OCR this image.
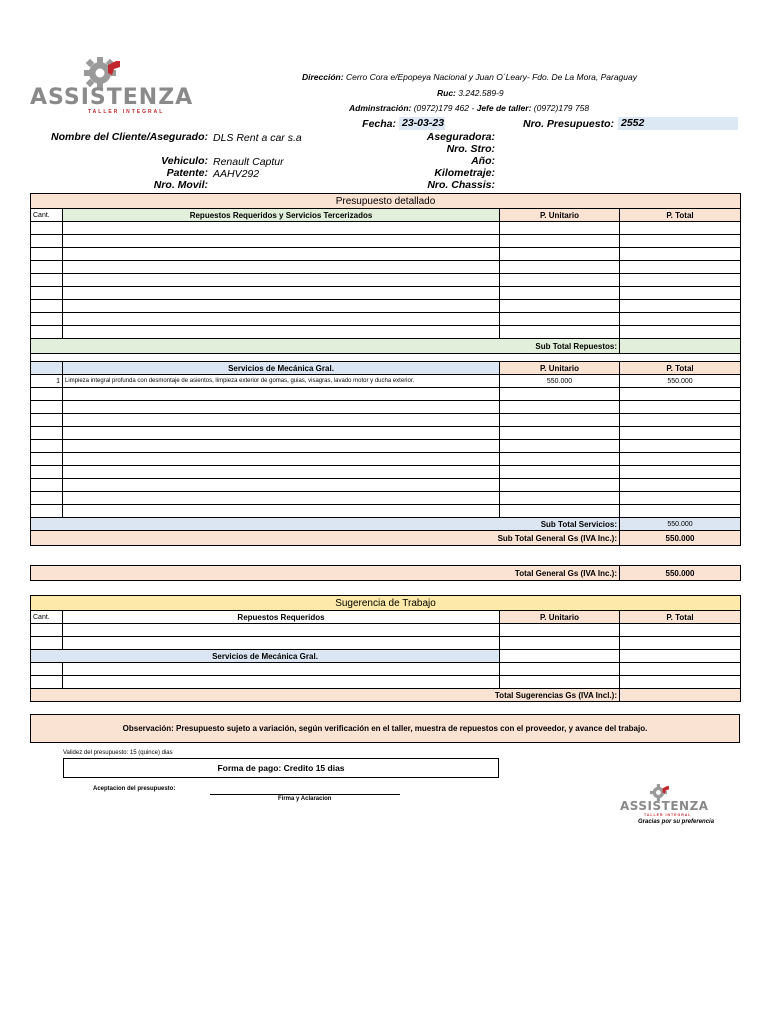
ASSISTENZA
TALLER INTEGRAL
Dirección: Cerro Cora e/Epopeya Nacional y Juan O´Leary- Fdo. De La Mora, Paraguay
Ruc: 3.242.589-9
Adminstración: (0972)179 462 - Jefe de taller: (0972)179 758
Fecha: 23-03-23	Nro. Presupuesto: 2552
Nombre del Cliente/Asegurado: DLS Rent a car s.a
Vehiculo: Renault Captur
Patente: AAHV292
Nro. Movil:
Aseguradora:
Nro. Stro:
Año:
Kilometraje:
Nro. Chassis:
Presupuesto detallado			
Cant.	Repuestos Requeridos y Servicios Tercerizados	P. Unitario	P. Total

Sub Total Repuestos:			

	Servicios de Mecánica Gral.	P. Unitario	P. Total
1	Limpieza integral profunda con desmontaje de asientos, limpieza exterior de gomas, guias, visagras, lavado motor y ducha exterior.	550.000	550.000

Sub Total Servicios:			550.000
Sub Total General Gs (IVA Inc.):			550.000
Total General Gs (IVA Inc.):	550.000
Sugerencia de Trabajo			
Cant.	Repuestos Requeridos	P. Unitario	P. Total

Servicios de Mecánica Gral.			

Total Sugerencias Gs (IVA Incl.):			
Observación: Presupuesto sujeto a variación, según verificación en el taller, muestra de repuestos con el proveedor, y avance del trabajo.
Validez del presupuesto: 15 (quince) dias
Forma de pago: Credito 15 dias
Aceptacion del presupuesto:
Firma y Aclaracion	ASSISTENZA
TALLER INTEGRAL
Gracias por su preferencia
